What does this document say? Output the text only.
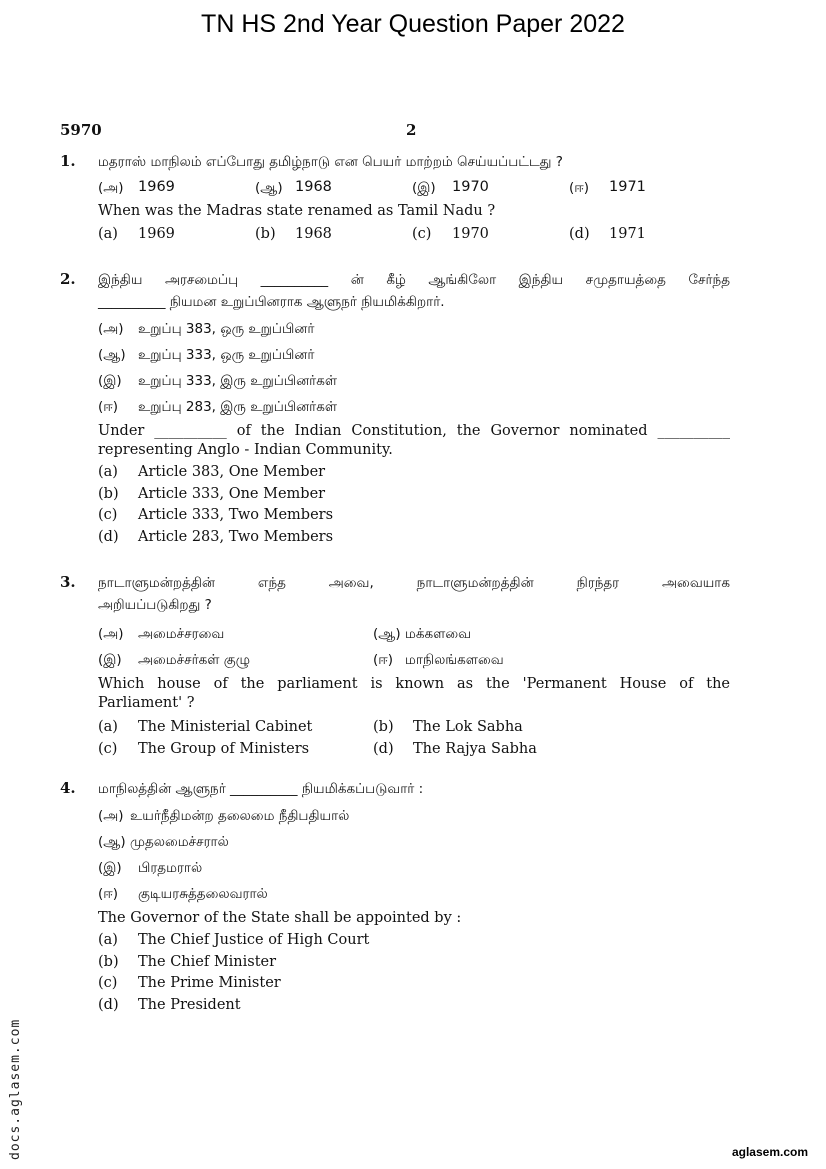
TN HS 2nd Year Question Paper 2022
5970	2
1. மதராஸ் மாநிலம் எப்போது தமிழ்நாடு என பெயர் மாற்றம் செய்யப்பட்டது ?
(அ) 1969	(ஆ) 1968	(இ)	1970	(ஈ)	1971
When was the Madras state renamed as Tamil Nadu ?
(a)	1969	(b)	1968	(c)	1970	(d)	1971
2. இந்திய அரசமைப்பு __________ ன் கீழ் ஆங்கிலோ இந்திய சமுதாயத்தை சேர்ந்த
__________ நியமன உறுப்பினராக ஆளுநர் நியமிக்கிறார்.
(அ)	உறுப்பு 383, ஒரு உறுப்பினர்
(ஆ) உறுப்பு 333, ஒரு உறுப்பினர்
(இ)	உறுப்பு 333, இரு உறுப்பினர்கள்
(ஈ)	உறுப்பு 283, இரு உறுப்பினர்கள்
Under __________ of the Indian Constitution, the Governor nominated __________
representing Anglo - Indian Community.
(a)	Article 383, One Member
(b)	Article 333, One Member
(c)	Article 333, Two Members
(d)	Article 283, Two Members
3. நாடாளுமன்றத்தின் எந்த அவை, நாடாளுமன்றத்தின் நிரந்தர அவையாக
அறியப்படுகிறது ?
(அ)	அமைச்சரவை	(ஆ) மக்களவை
(இ)	அமைச்சர்கள் குழு	(ஈ) மாநிலங்களவை
Which house of the parliament is known as the 'Permanent House of the
Parliament' ?
(a)	The Ministerial Cabinet	(b)	The Lok Sabha
(c)	The Group of Ministers	(d)	The Rajya Sabha
4. மாநிலத்தின் ஆளுநர் __________ நியமிக்கப்படுவார் :
(அ) உயர்நீதிமன்ற தலைமை நீதிபதியால்
(ஆ) முதலமைச்சரால்
(இ)	பிரதமரால்
(ஈ)	குடியரசுத்தலைவரால்
The Governor of the State shall be appointed by :
(a)	The Chief Justice of High Court
(b)	The Chief Minister
(c)	The Prime Minister
(d)	The President
docs.aglasem.com	aglasem.com
